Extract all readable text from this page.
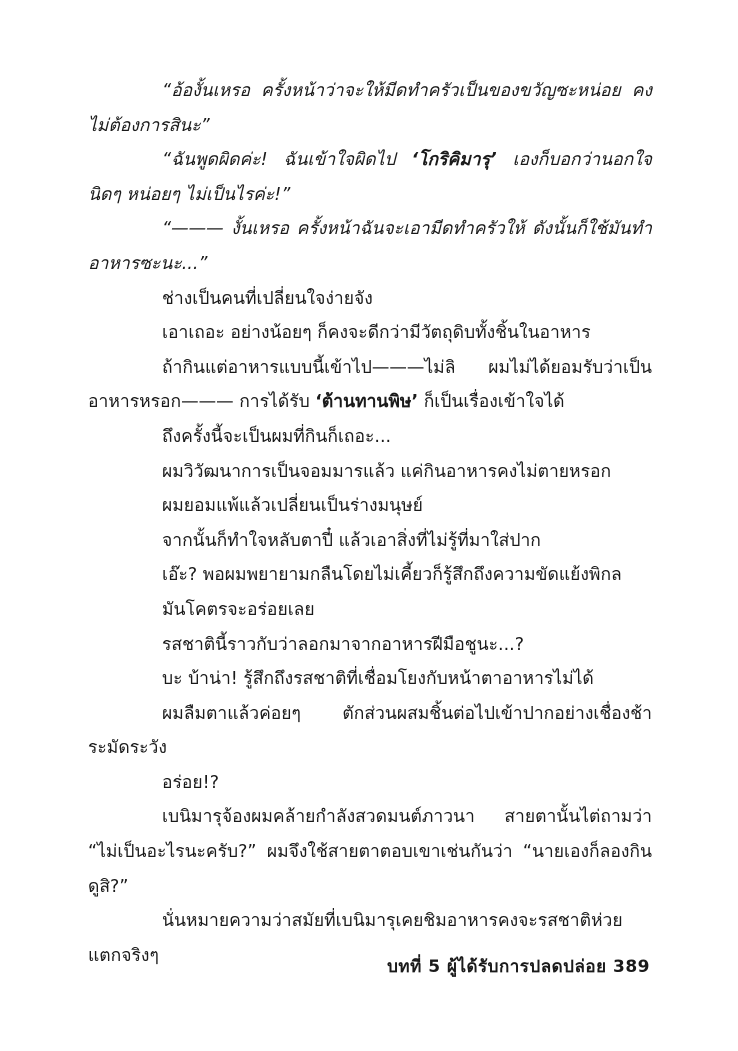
“อ้องั้นเหรอ ครั้งหน้าว่าจะให้มีดทำครัวเป็นของขวัญซะหน่อย คงไม่ต้องการสินะ”

“ฉันพูดผิดค่ะ! ฉันเข้าใจผิดไป ‘โกริคิมารุ’ เองก็บอกว่านอกใจนิดๆ หน่อยๆ ไม่เป็นไรค่ะ!”

“——— งั้นเหรอ ครั้งหน้าฉันจะเอามีดทำครัวให้ ดังนั้นก็ใช้มันทำอาหารซะนะ...”

ช่างเป็นคนที่เปลี่ยนใจง่ายจัง

เอาเถอะ อย่างน้อยๆ ก็คงจะดีกว่ามีวัตถุดิบทั้งชิ้นในอาหาร

ถ้ากินแต่อาหารแบบนี้เข้าไป———ไม่ลิ ผมไม่ได้ยอมรับว่าเป็นอาหารหรอก——— การได้รับ ‘ต้านทานพิษ’ ก็เป็นเรื่องเข้าใจได้

ถึงครั้งนี้จะเป็นผมที่กินก็เถอะ...

ผมวิวัฒนาการเป็นจอมมารแล้ว แค่กินอาหารคงไม่ตายหรอก

ผมยอมแพ้แล้วเปลี่ยนเป็นร่างมนุษย์

จากนั้นก็ทำใจหลับตาปี๋ แล้วเอาสิ่งที่ไม่รู้ที่มาใส่ปาก

เอ๊ะ? พอผมพยายามกลืนโดยไม่เคี้ยวก็รู้สึกถึงความขัดแย้งพิกล

มันโคตรจะอร่อยเลย

รสชาตินี้ราวกับว่าลอกมาจากอาหารฝีมือชูนะ...?

บะ บ้าน่า! รู้สึกถึงรสชาติที่เชื่อมโยงกับหน้าตาอาหารไม่ได้

ผมลืมตาแล้วค่อยๆ ตักส่วนผสมชิ้นต่อไปเข้าปากอย่างเชื่องช้าระมัดระวัง

อร่อย!?

เบนิมารุจ้องผมคล้ายกำลังสวดมนต์ภาวนา สายตานั้นไต่ถามว่า “ไม่เป็นอะไรนะครับ?” ผมจึงใช้สายตาตอบเขาเช่นกันว่า “นายเองก็ลองกินดูสิ?”

นั่นหมายความว่าสมัยที่เบนิมารุเคยชิมอาหารคงจะรสชาติห่วยแตกจริงๆ

บทที่ 5 ผู้ได้รับการปลดปล่อย 389
